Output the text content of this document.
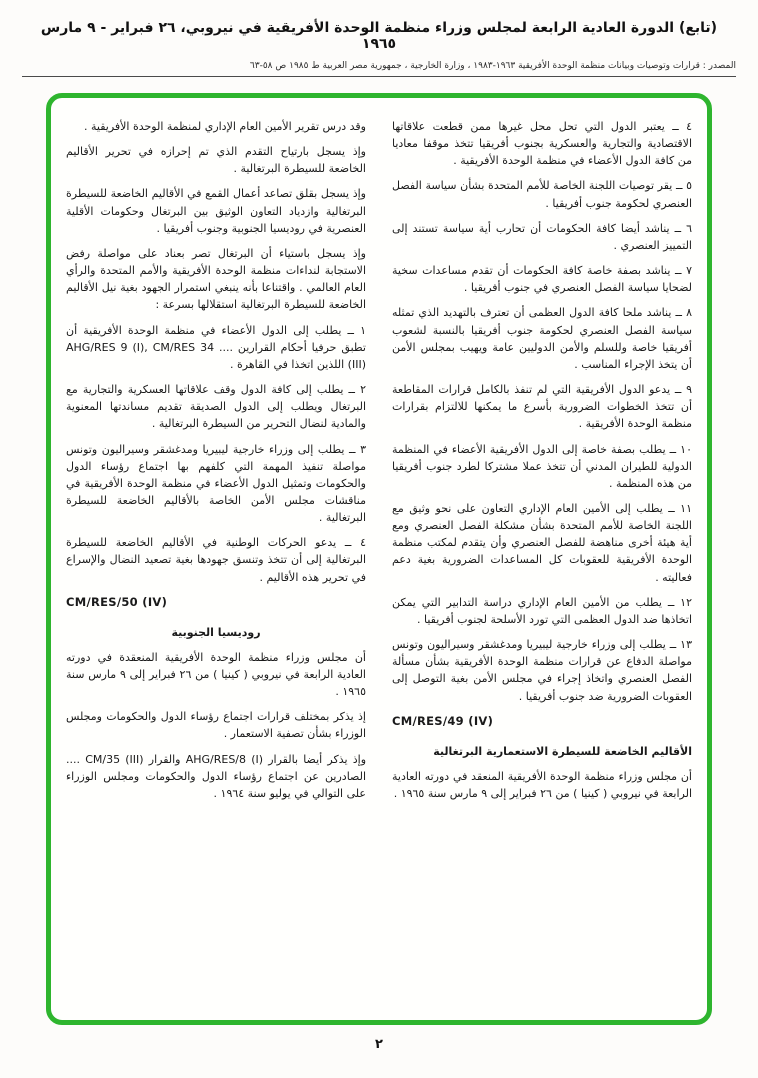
(تابع) الدورة العادية الرابعة لمجلس وزراء منظمة الوحدة الأفريقية في نيروبي، ٢٦ فبراير - ٩ مارس ١٩٦٥
المصدر : قرارات وتوصيات وبيانات منظمة الوحدة الأفريقية ١٩٦٣-١٩٨٣ ، وزارة الخارجية ، جمهورية مصر العربية ط ١٩٨٥ ص ٥٨-٦٣

٤ ــ يعتبر الدول التي تحل محل غيرها ممن قطعت علاقاتها الاقتصادية والتجارية والعسكرية بجنوب أفريقيا تتخذ موقفا معاديا من كافة الدول الأعضاء في منظمة الوحدة الأفريقية .

٥ ــ يقر توصيات اللجنة الخاصة للأمم المتحدة بشأن سياسة الفصل العنصري لحكومة جنوب أفريقيا .

٦ ــ يناشد أيضا كافة الحكومات أن تحارب أية سياسة تستند إلى التمييز العنصري .

٧ ــ يناشد بصفة خاصة كافة الحكومات أن تقدم مساعدات سخية لضحايا سياسة الفصل العنصري في جنوب أفريقيا .

٨ ــ يناشد ملحا كافة الدول العظمى أن تعترف بالتهديد الذي تمثله سياسة الفصل العنصري لحكومة جنوب أفريقيا بالنسبة لشعوب أفريقيا خاصة وللسلم والأمن الدوليين عامة ويهيب بمجلس الأمن أن يتخذ الإجراء المناسب .

٩ ــ يدعو الدول الأفريقية التي لم تنفذ بالكامل قرارات المقاطعة أن تتخذ الخطوات الضرورية بأسرع ما يمكنها للالتزام بقرارات منظمة الوحدة الأفريقية .

١٠ ــ يطلب بصفة خاصة إلى الدول الأفريقية الأعضاء في المنظمة الدولية للطيران المدني أن تتخذ عملا مشتركا لطرد جنوب أفريقيا من هذه المنظمة .

١١ ــ يطلب إلى الأمين العام الإداري التعاون على نحو وثيق مع اللجنة الخاصة للأمم المتحدة بشأن مشكلة الفصل العنصري ومع أية هيئة أخرى مناهضة للفصل العنصري وأن يتقدم لمكتب منظمة الوحدة الأفريقية للعقوبات كل المساعدات الضرورية بغية دعم فعاليته .

١٢ ــ يطلب من الأمين العام الإداري دراسة التدابير التي يمكن اتخاذها ضد الدول العظمى التي تورد الأسلحة لجنوب أفريقيا .

١٣ ــ يطلب إلى وزراء خارجية ليبيريا ومدغشقر وسيراليون وتونس مواصلة الدفاع عن قرارات منظمة الوحدة الأفريقية بشأن مسألة الفصل العنصري واتخاذ إجراء في مجلس الأمن بغية التوصل إلى العقوبات الضرورية ضد جنوب أفريقيا .

CM/RES/49 (IV)

الأقاليم الخاضعة للسيطرة الاستعمارية البرتغالية

أن مجلس وزراء منظمة الوحدة الأفريقية المنعقد في دورته العادية الرابعة في نيروبي ( كينيا ) من ٢٦ فبراير إلى ٩ مارس سنة ١٩٦٥ .

وقد درس تقرير الأمين العام الإداري لمنظمة الوحدة الأفريقية .

وإذ يسجل بارتياح التقدم الذي تم إحرازه في تحرير الأقاليم الخاضعة للسيطرة البرتغالية .

وإذ يسجل بقلق تصاعد أعمال القمع في الأقاليم الخاضعة للسيطرة البرتغالية وازدياد التعاون الوثيق بين البرتغال وحكومات الأقلية العنصرية في روديسيا الجنوبية وجنوب أفريقيا .

وإذ يسجل باستياء أن البرتغال تصر بعناد على مواصلة رفض الاستجابة لنداءات منظمة الوحدة الأفريقية والأمم المتحدة والرأي العام العالمي . واقتناعا بأنه ينبغي استمرار الجهود بغية نيل الأقاليم الخاضعة للسيطرة البرتغالية استقلالها بسرعة :

١ ــ يطلب إلى الدول الأعضاء في منظمة الوحدة الأفريقية أن تطبق حرفيا أحكام القرارين .... AHG/RES 9 (I), CM/RES 34 (III) اللذين اتخذا في القاهرة .

٢ ــ يطلب إلى كافة الدول وقف علاقاتها العسكرية والتجارية مع البرتغال ويطلب إلى الدول الصديقة تقديم مساندتها المعنوية والمادية لنضال التحرير من السيطرة البرتغالية .

٣ ــ يطلب إلى وزراء خارجية ليبيريا ومدغشقر وسيراليون وتونس مواصلة تنفيذ المهمة التي كلفهم بها اجتماع رؤساء الدول والحكومات وتمثيل الدول الأعضاء في منظمة الوحدة الأفريقية في مناقشات مجلس الأمن الخاصة بالأقاليم الخاضعة للسيطرة البرتغالية .

٤ ــ يدعو الحركات الوطنية في الأقاليم الخاضعة للسيطرة البرتغالية إلى أن تتخذ وتنسق جهودها بغية تصعيد النضال والإسراع في تحرير هذه الأقاليم .

CM/RES/50 (IV)

روديسيا الجنوبية

أن مجلس وزراء منظمة الوحدة الأفريقية المنعقدة في دورته العادية الرابعة في نيروبي ( كينيا ) من ٢٦ فبراير إلى ٩ مارس سنة ١٩٦٥ .

إذ يذكر بمختلف قرارات اجتماع رؤساء الدول والحكومات ومجلس الوزراء بشأن تصفية الاستعمار .

وإذ يذكر أيضا بالقرار AHG/RES/8 (I) والقرار CM/35 (III) .... الصادرين عن اجتماع رؤساء الدول والحكومات ومجلس الوزراء على التوالي في يوليو سنة ١٩٦٤ .

٢
